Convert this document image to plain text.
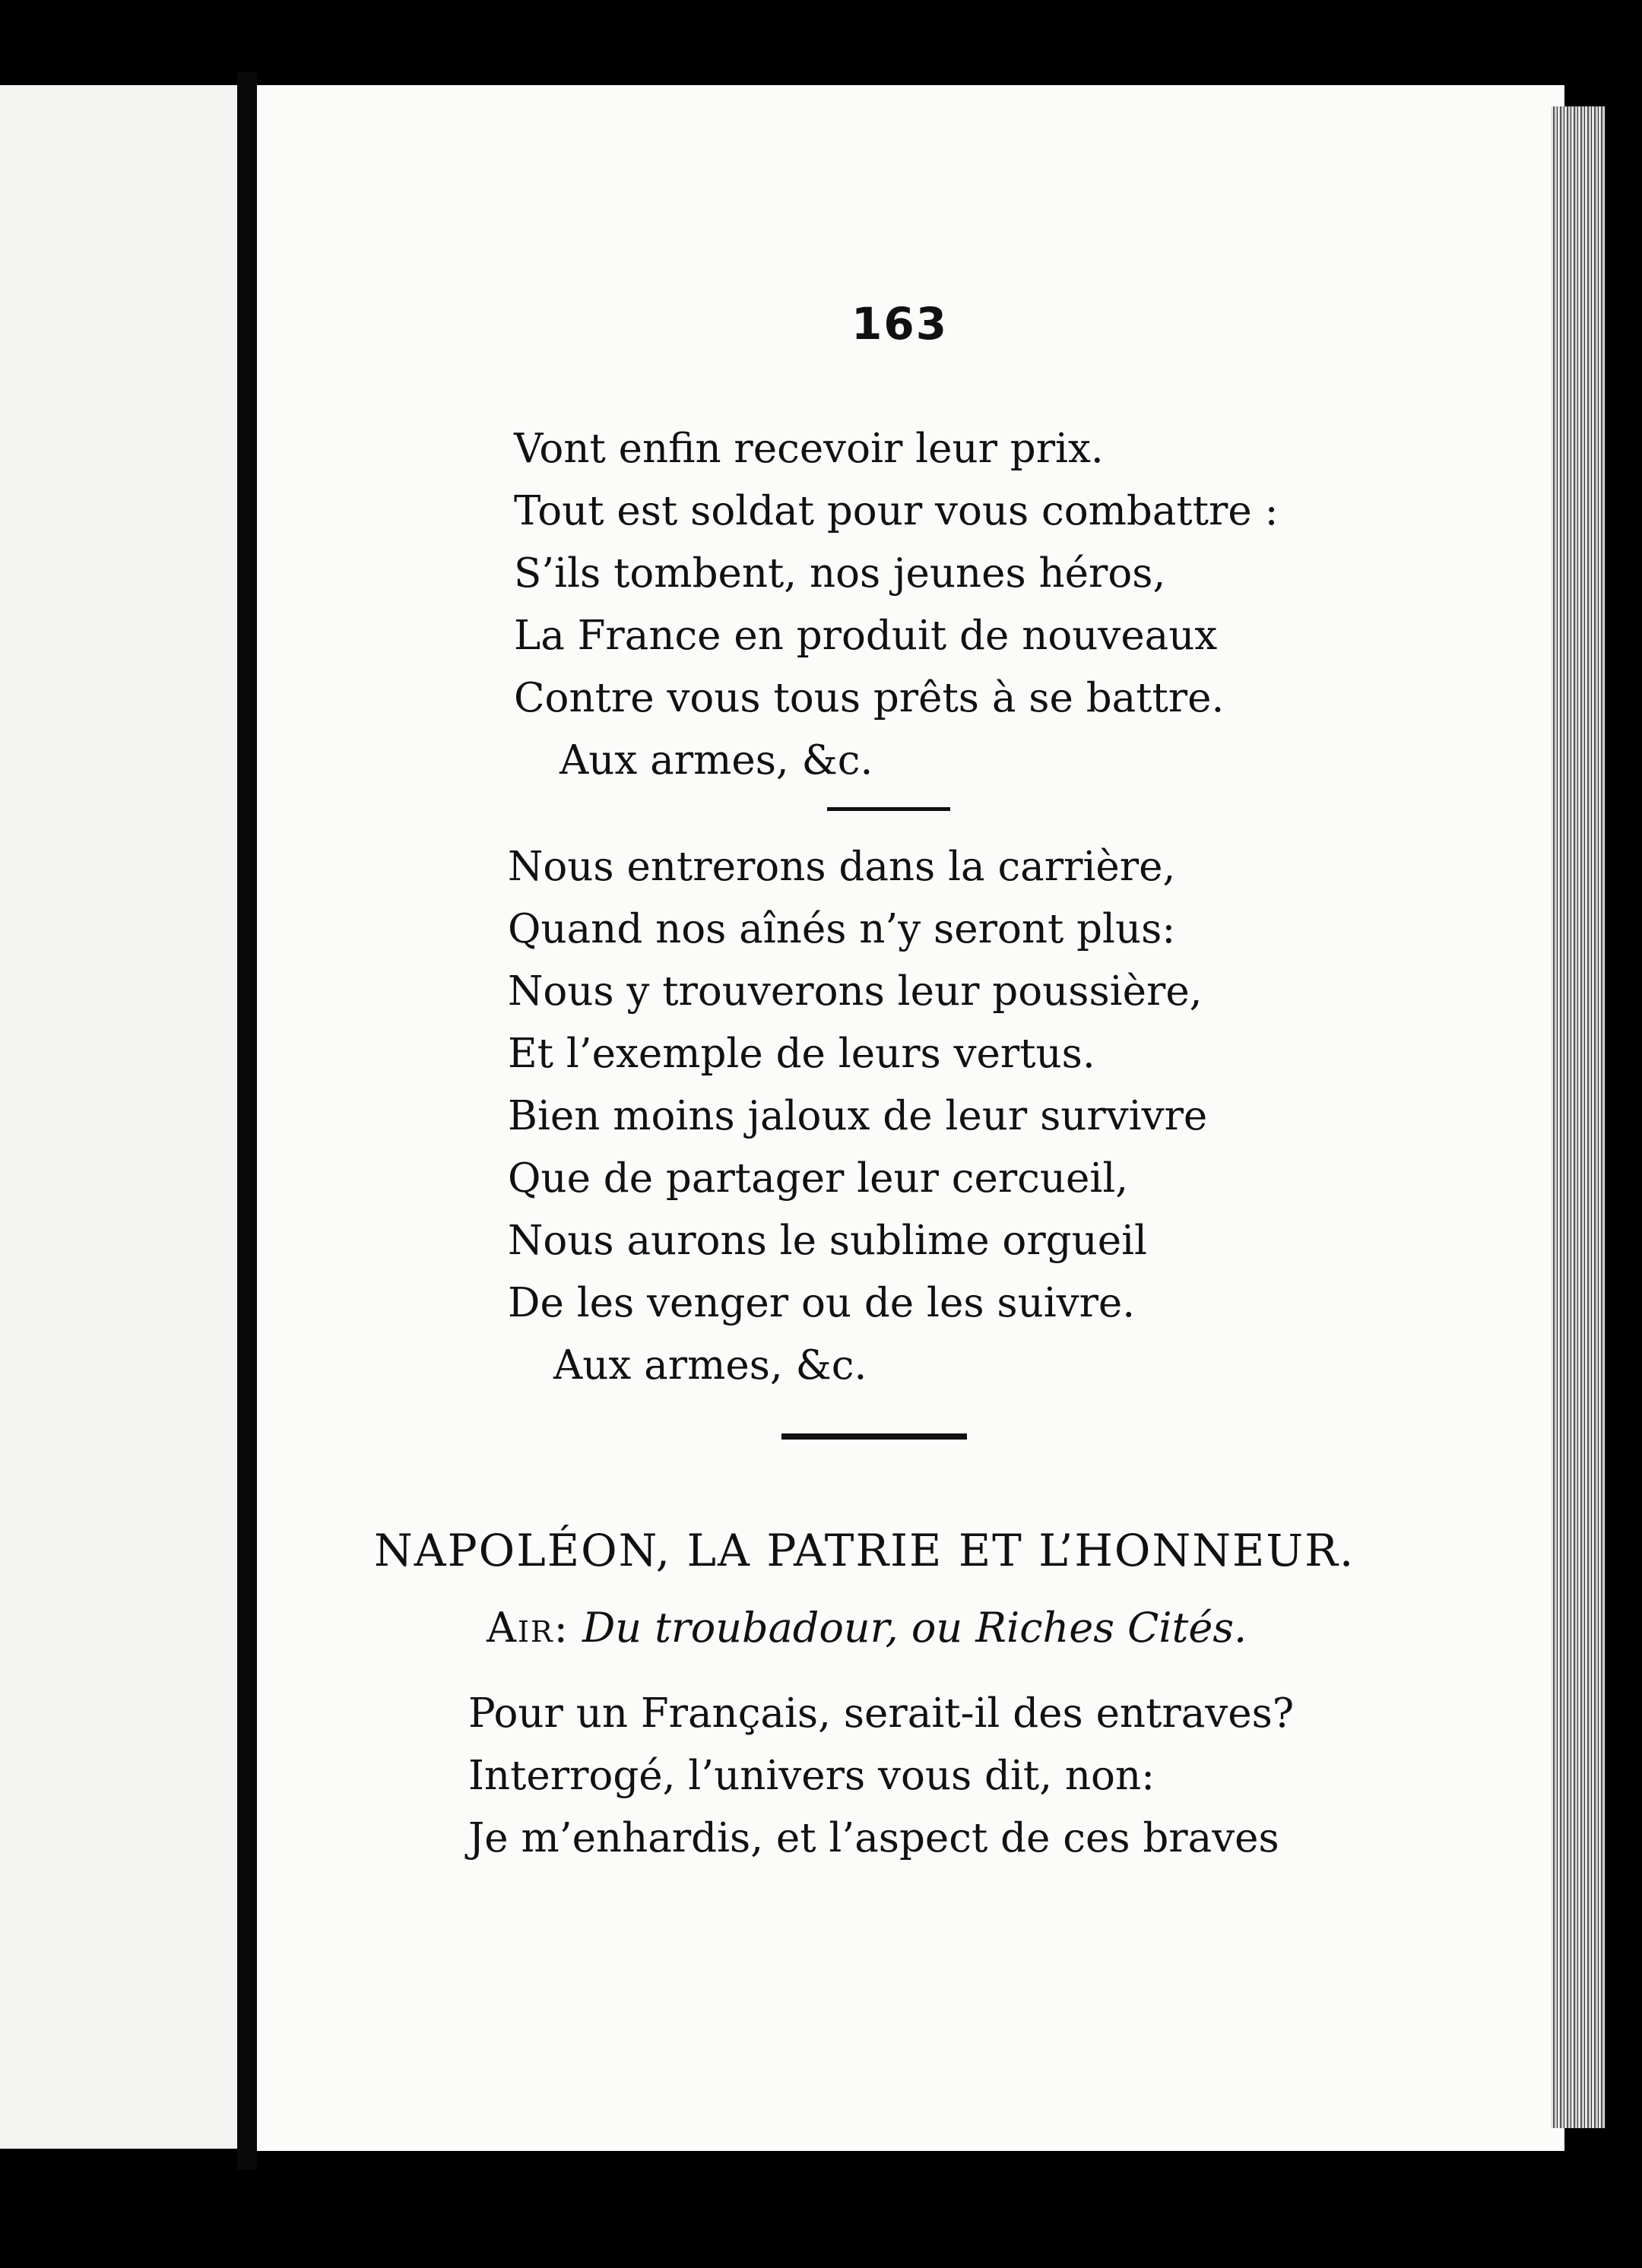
163
Vont enfin recevoir leur prix.
Tout est soldat pour vous combattre :
S’ils tombent, nos jeunes héros,
La France en produit de nouveaux
Contre vous tous prêts à se battre.
Aux armes, &c.
Nous entrerons dans la carrière,
Quand nos aînés n’y seront plus:
Nous y trouverons leur poussière,
Et l’exemple de leurs vertus.
Bien moins jaloux de leur survivre
Que de partager leur cercueil,
Nous aurons le sublime orgueil
De les venger ou de les suivre.
Aux armes, &c.
NAPOLÉON, LA PATRIE ET L’HONNEUR.
Air: Du troubadour, ou Riches Cités.
Pour un Français, serait-il des entraves?
Interrogé, l’univers vous dit, non:
Je m’enhardis, et l’aspect de ces braves
